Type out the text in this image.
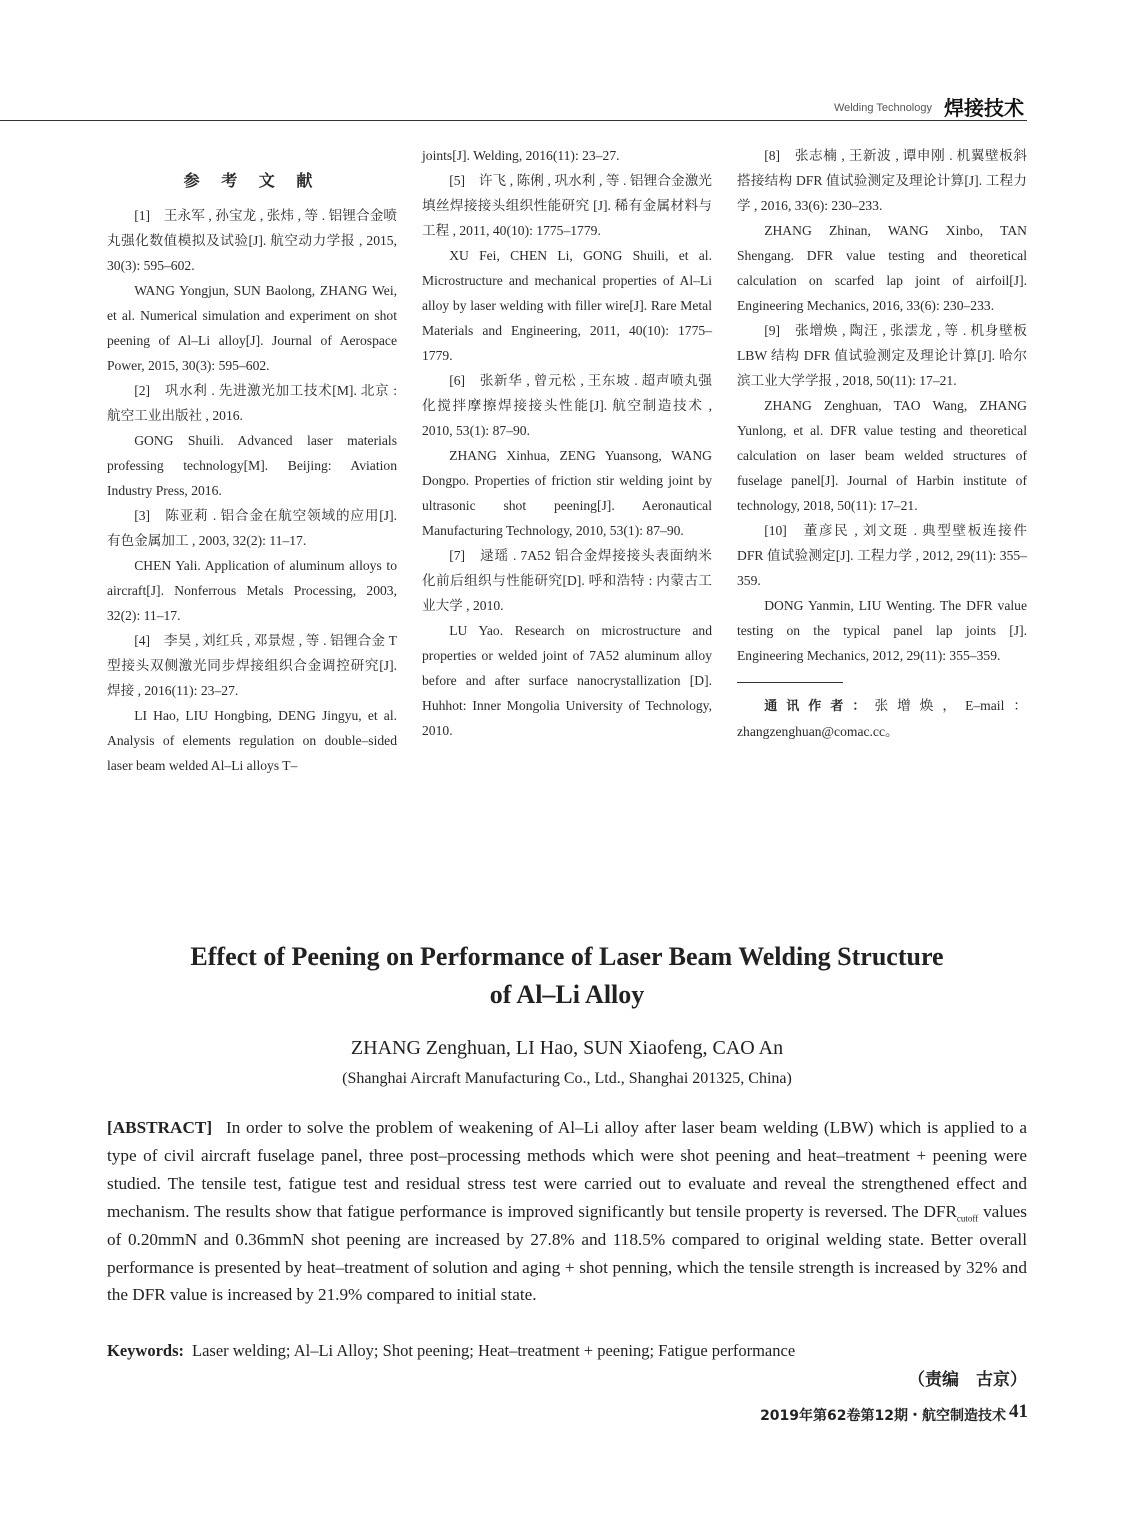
Welding Technology 焊接技术
参 考 文 献

[1]　王永军 , 孙宝龙 , 张炜 , 等 . 铝锂合金喷丸强化数值模拟及试验[J]. 航空动力学报 , 2015, 30(3): 595–602.

WANG Yongjun, SUN Baolong, ZHANG Wei, et al. Numerical simulation and experiment on shot peening of Al–Li alloy[J]. Journal of Aerospace Power, 2015, 30(3): 595–602.

[2]　巩水利 . 先进激光加工技术[M]. 北京 : 航空工业出版社 , 2016.

GONG Shuili. Advanced laser materials professing technology[M]. Beijing: Aviation Industry Press, 2016.

[3]　陈亚莉 . 铝合金在航空领域的应用[J]. 有色金属加工 , 2003, 32(2): 11–17.

CHEN Yali. Application of aluminum alloys to aircraft[J]. Nonferrous Metals Processing, 2003, 32(2): 11–17.

[4]　李昊 , 刘红兵 , 邓景煜 , 等 . 铝锂合金 T 型接头双侧激光同步焊接组织合金调控研究[J]. 焊接 , 2016(11): 23–27.

LI Hao, LIU Hongbing, DENG Jingyu, et al. Analysis of elements regulation on double–sided laser beam welded Al–Li alloys T–

joints[J]. Welding, 2016(11): 23–27.

[5]　许飞 , 陈俐 , 巩水利 , 等 . 铝锂合金激光填丝焊接接头组织性能研究 [J]. 稀有金属材料与工程 , 2011, 40(10): 1775–1779.

XU Fei, CHEN Li, GONG Shuili, et al. Microstructure and mechanical properties of Al–Li alloy by laser welding with filler wire[J]. Rare Metal Materials and Engineering, 2011, 40(10): 1775–1779.

[6]　张新华 , 曾元松 , 王东坡 . 超声喷丸强化搅拌摩擦焊接接头性能[J]. 航空制造技术 , 2010, 53(1): 87–90.

ZHANG Xinhua, ZENG Yuansong, WANG Dongpo. Properties of friction stir welding joint by ultrasonic shot peening[J]. Aeronautical Manufacturing Technology, 2010, 53(1): 87–90.

[7]　逯瑶 . 7A52 铝合金焊接接头表面纳米化前后组织与性能研究[D]. 呼和浩特 : 内蒙古工业大学 , 2010.

LU Yao. Research on microstructure and properties or welded joint of 7A52 aluminum alloy before and after surface nanocrystallization [D]. Huhhot: Inner Mongolia University of Technology, 2010.

[8]　张志楠 , 王新波 , 谭申刚 . 机翼壁板斜搭接结构 DFR 值试验测定及理论计算[J]. 工程力学 , 2016, 33(6): 230–233.

ZHANG Zhinan, WANG Xinbo, TAN Shengang. DFR value testing and theoretical calculation on scarfed lap joint of airfoil[J]. Engineering Mechanics, 2016, 33(6): 230–233.

[9]　张增焕 , 陶汪 , 张澐龙 , 等 . 机身壁板 LBW 结构 DFR 值试验测定及理论计算[J]. 哈尔滨工业大学学报 , 2018, 50(11): 17–21.

ZHANG Zenghuan, TAO Wang, ZHANG Yunlong, et al. DFR value testing and theoretical calculation on laser beam welded structures of fuselage panel[J]. Journal of Harbin institute of technology, 2018, 50(11): 17–21.

[10]　董彦民 , 刘文珽 . 典型壁板连接件 DFR 值试验测定[J]. 工程力学 , 2012, 29(11): 355–359.

DONG Yanmin, LIU Wenting. The DFR value testing on the typical panel lap joints [J]. Engineering Mechanics, 2012, 29(11): 355–359.

通讯作者：张增焕，E–mail：zhangzenghuan@comac.cc。

Effect of Peening on Performance of Laser Beam Welding Structure
of Al–Li Alloy
ZHANG Zenghuan, LI Hao, SUN Xiaofeng, CAO An
(Shanghai Aircraft Manufacturing Co., Ltd., Shanghai 201325, China)
[ABSTRACT] In order to solve the problem of weakening of Al–Li alloy after laser beam welding (LBW) which is applied to a type of civil aircraft fuselage panel, three post–processing methods which were shot peening and heat–treatment + peening were studied. The tensile test, fatigue test and residual stress test were carried out to evaluate and reveal the strengthened effect and mechanism. The results show that fatigue performance is improved significantly but tensile property is reversed. The $DFR_{cutoff}$ values of 0.20mmN and 0.36mmN shot peening are increased by 27.8% and 118.5% compared to original welding state. Better overall performance is presented by heat–treatment of solution and aging + shot penning, which the tensile strength is increased by 32% and the DFR value is increased by 21.9% compared to initial state.
Keywords: Laser welding; Al–Li Alloy; Shot peening; Heat–treatment + peening; Fatigue performance
（责编　古京）
2019年第62卷第12期・航空制造技术 41
